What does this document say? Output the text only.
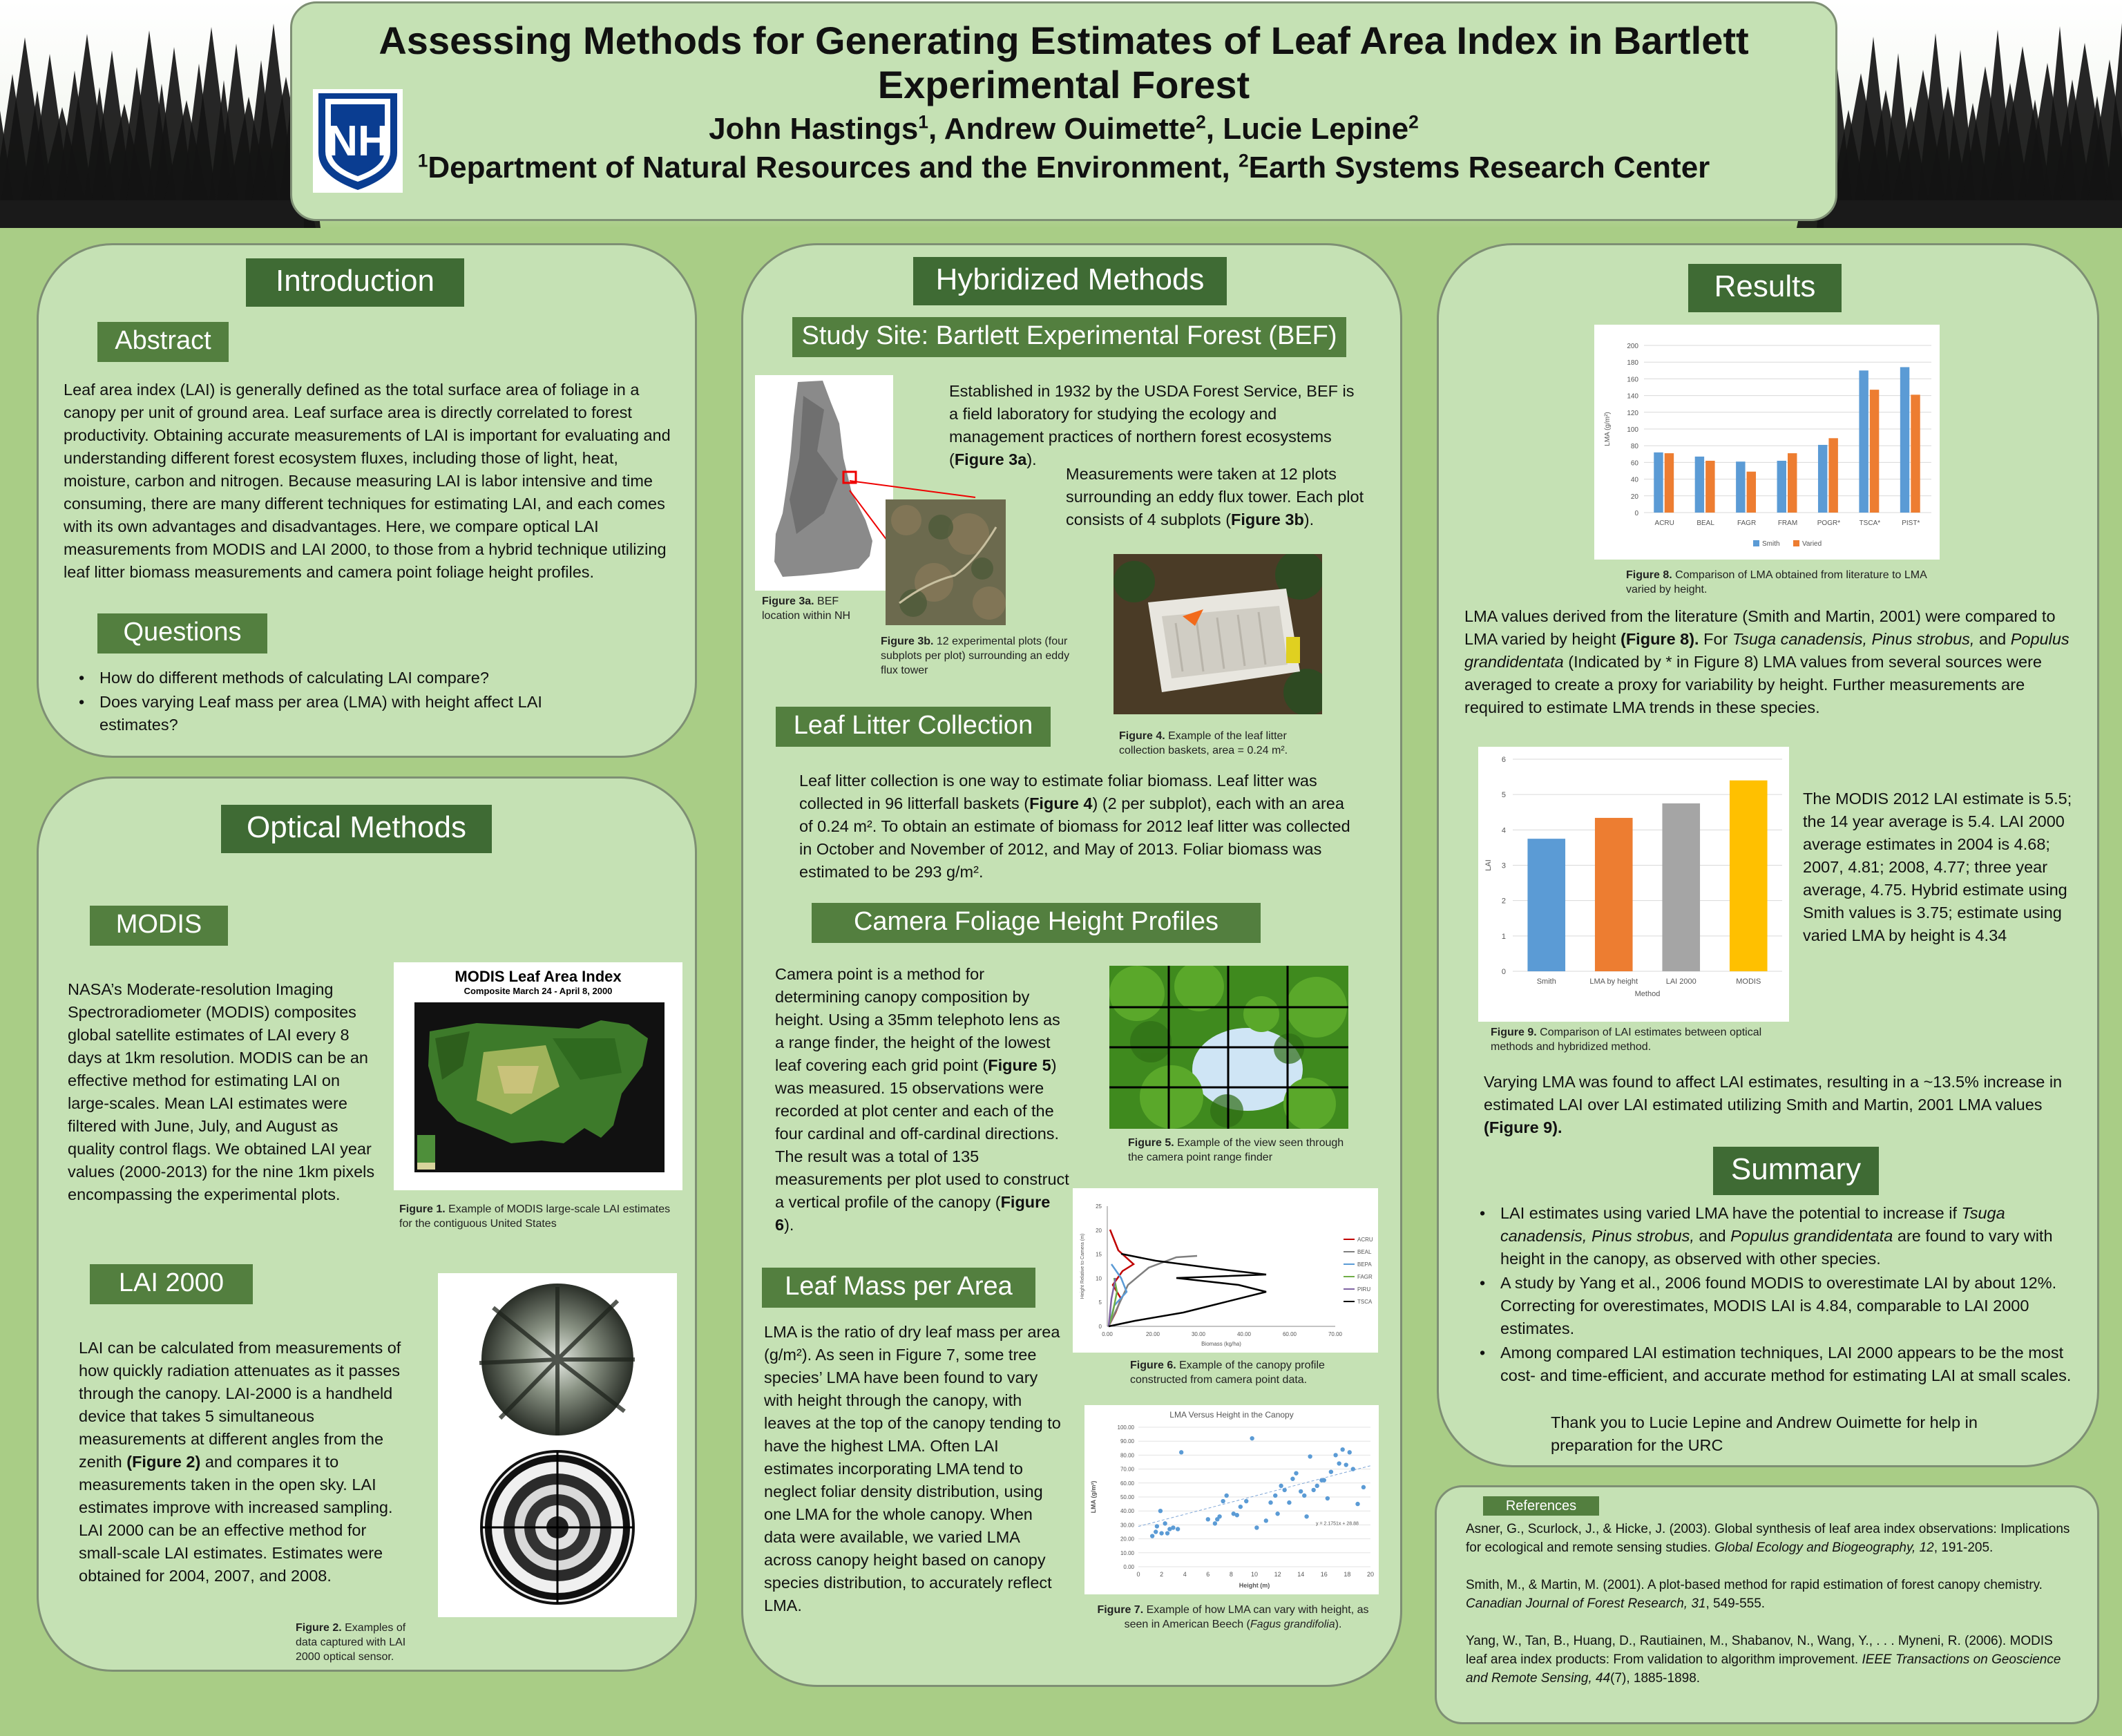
NH
Assessing Methods for Generating Estimates of Leaf Area Index in Bartlett Experimental Forest
John Hastings$^1$, Andrew Ouimette$^2$, Lucie Lepine$^2$
$^1$Department of Natural Resources and the Environment, $^2$Earth Systems Research Center
Introduction
Abstract
Leaf area index (LAI) is generally defined as the total surface area of foliage in a canopy per unit of ground area. Leaf surface area is directly correlated to forest productivity. Obtaining accurate measurements of LAI is important for evaluating and understanding different forest ecosystem fluxes, including those of light, heat, moisture, carbon and nitrogen. Because measuring LAI is labor intensive and time consuming, there are many different techniques for estimating LAI, and each comes with its own advantages and disadvantages. Here, we compare optical LAI measurements from MODIS and LAI 2000, to those from a hybrid technique utilizing leaf litter biomass measurements and camera point foliage height profiles.
Questions
• How do different methods of calculating LAI compare?
• Does varying Leaf mass per area (LMA) with height affect LAI estimates?
Optical Methods
MODIS
NASA’s Moderate-resolution Imaging Spectroradiometer (MODIS) composites global satellite estimates of LAI every 8 days at 1km resolution. MODIS can be an effective method for estimating LAI on large-scales. Mean LAI estimates were filtered with June, July, and August as quality control flags. We obtained LAI year values (2000-2013) for the nine 1km pixels encompassing the experimental plots.
MODIS Leaf Area Index
Composite March 24 - April 8, 2000
Figure 1. Example of MODIS large-scale LAI estimates for the contiguous United States
LAI 2000
LAI can be calculated from measurements of how quickly radiation attenuates as it passes through the canopy. LAI-2000 is a handheld device that takes 5 simultaneous measurements at different angles from the zenith (Figure 2) and compares it to measurements taken in the open sky. LAI estimates improve with increased sampling. LAI 2000 can be an effective method for small-scale LAI estimates. Estimates were obtained for 2004, 2007, and 2008.
Figure 2. Examples of data captured with LAI 2000 optical sensor.
Hybridized Methods
Study Site: Bartlett Experimental Forest (BEF)
Figure 3a. BEF location within NH
Figure 3b. 12 experimental plots (four subplots per plot) surrounding an eddy flux tower
Established in 1932 by the USDA Forest Service, BEF is a field laboratory for studying the ecology and management practices of northern forest ecosystems (Figure 3a).
Measurements were taken at 12 plots surrounding an eddy flux tower. Each plot consists of 4 subplots (Figure 3b).
Figure 4. Example of the leaf litter collection baskets, area = 0.24 m².
Leaf Litter Collection
Leaf litter collection is one way to estimate foliar biomass. Leaf litter was collected in 96 litterfall baskets (Figure 4) (2 per subplot), each with an area of 0.24 m². To obtain an estimate of biomass for 2012 leaf litter was collected in October and November of 2012, and May of 2013. Foliar biomass was estimated to be 293 g/m².
Camera Foliage Height Profiles
Camera point is a method for determining canopy composition by height. Using a 35mm telephoto lens as a range finder, the height of the lowest leaf covering each grid point (Figure 5) was measured. 15 observations were recorded at plot center and each of the four cardinal and off-cardinal directions. The result was a total of 135 measurements per plot used to construct a vertical profile of the canopy (Figure 6).
Figure 5. Example of the view seen through the camera point range finder
0.00	20.00	30.00	40.00	60.00	70.00
0
5
10
15
20
25
Biomass (kg/ha)
Height Relative to Camera (m)	ACRU
BEAL
BEPA
FAGR
PIRU
TSCA
Figure 6. Example of the canopy profile constructed from camera point data.
Leaf Mass per Area
LMA is the ratio of dry leaf mass per area (g/m²). As seen in Figure 7, some tree species’ LMA have been found to vary with height through the canopy, with leaves at the top of the canopy tending to have the highest LMA. Often LAI estimates incorporating LMA tend to neglect foliar density distribution, using one LMA for the whole canopy. When data were available, we varied LMA across canopy height based on canopy species distribution, to accurately reflect LMA.
LMA Versus Height in the Canopy
0.00
10.00
20.00
30.00
40.00
50.00
60.00
70.00
80.00
90.00
100.00
0	2	4	6	8	10	12	14	16	18	20
Height (m)
LMA (g/m²)
y = 2.1751x + 28.88
Figure 7. Example of how LMA can vary with height, as seen in American Beech (Fagus grandifolia).
Results
0
20
40
60
80
100
120
140
160
180
200
LMA (g/m²)
ACRU	BEAL	FAGR	FRAM	POGR*	TSCA*	PIST*
Smith	Varied
Figure 8. Comparison of LMA obtained from literature to LMA varied by height.
LMA values derived from the literature (Smith and Martin, 2001) were compared to LMA varied by height (Figure 8). For Tsuga canadensis, Pinus strobus, and Populus grandidentata (Indicated by * in Figure 8) LMA values from several sources were averaged to create a proxy for variability by height. Further measurements are required to estimate LMA trends in these species.
0
1
2
3
4
5
6
LAI
Smith	LMA by height	LAI 2000	MODIS
Method
The MODIS 2012 LAI estimate is 5.5; the 14 year average is 5.4. LAI 2000 average estimates in 2004 is 4.68; 2007, 4.81; 2008, 4.77; three year average, 4.75. Hybrid estimate using Smith values is 3.75; estimate using varied LMA by height is 4.34
Figure 9. Comparison of LAI estimates between optical methods and hybridized method.
Varying LMA was found to affect LAI estimates, resulting in a ~13.5% increase in estimated LAI over LAI estimated utilizing Smith and Martin, 2001 LMA values (Figure 9).
Summary
• LAI estimates using varied LMA have the potential to increase if Tsuga canadensis, Pinus strobus, and Populus grandidentata are found to vary with height in the canopy, as observed with other species.
• A study by Yang et al., 2006 found MODIS to overestimate LAI by about 12%. Correcting for overestimates, MODIS LAI is 4.84, comparable to LAI 2000 estimates.
• Among compared LAI estimation techniques, LAI 2000 appears to be the most cost- and time-efficient, and accurate method for estimating LAI at small scales.
Thank you to Lucie Lepine and Andrew Ouimette for help in preparation for the URC
References

Asner, G., Scurlock, J., & Hicke, J. (2003). Global synthesis of leaf area index observations: Implications for ecological and remote sensing studies. Global Ecology and Biogeography, 12, 191-205.

Smith, M., & Martin, M. (2001). A plot-based method for rapid estimation of forest canopy chemistry. Canadian Journal of Forest Research, 31, 549-555.

Yang, W., Tan, B., Huang, D., Rautiainen, M., Shabanov, N., Wang, Y., . . . Myneni, R. (2006). MODIS leaf area index products: From validation to algorithm improvement. IEEE Transactions on Geoscience and Remote Sensing, 44(7), 1885-1898.
